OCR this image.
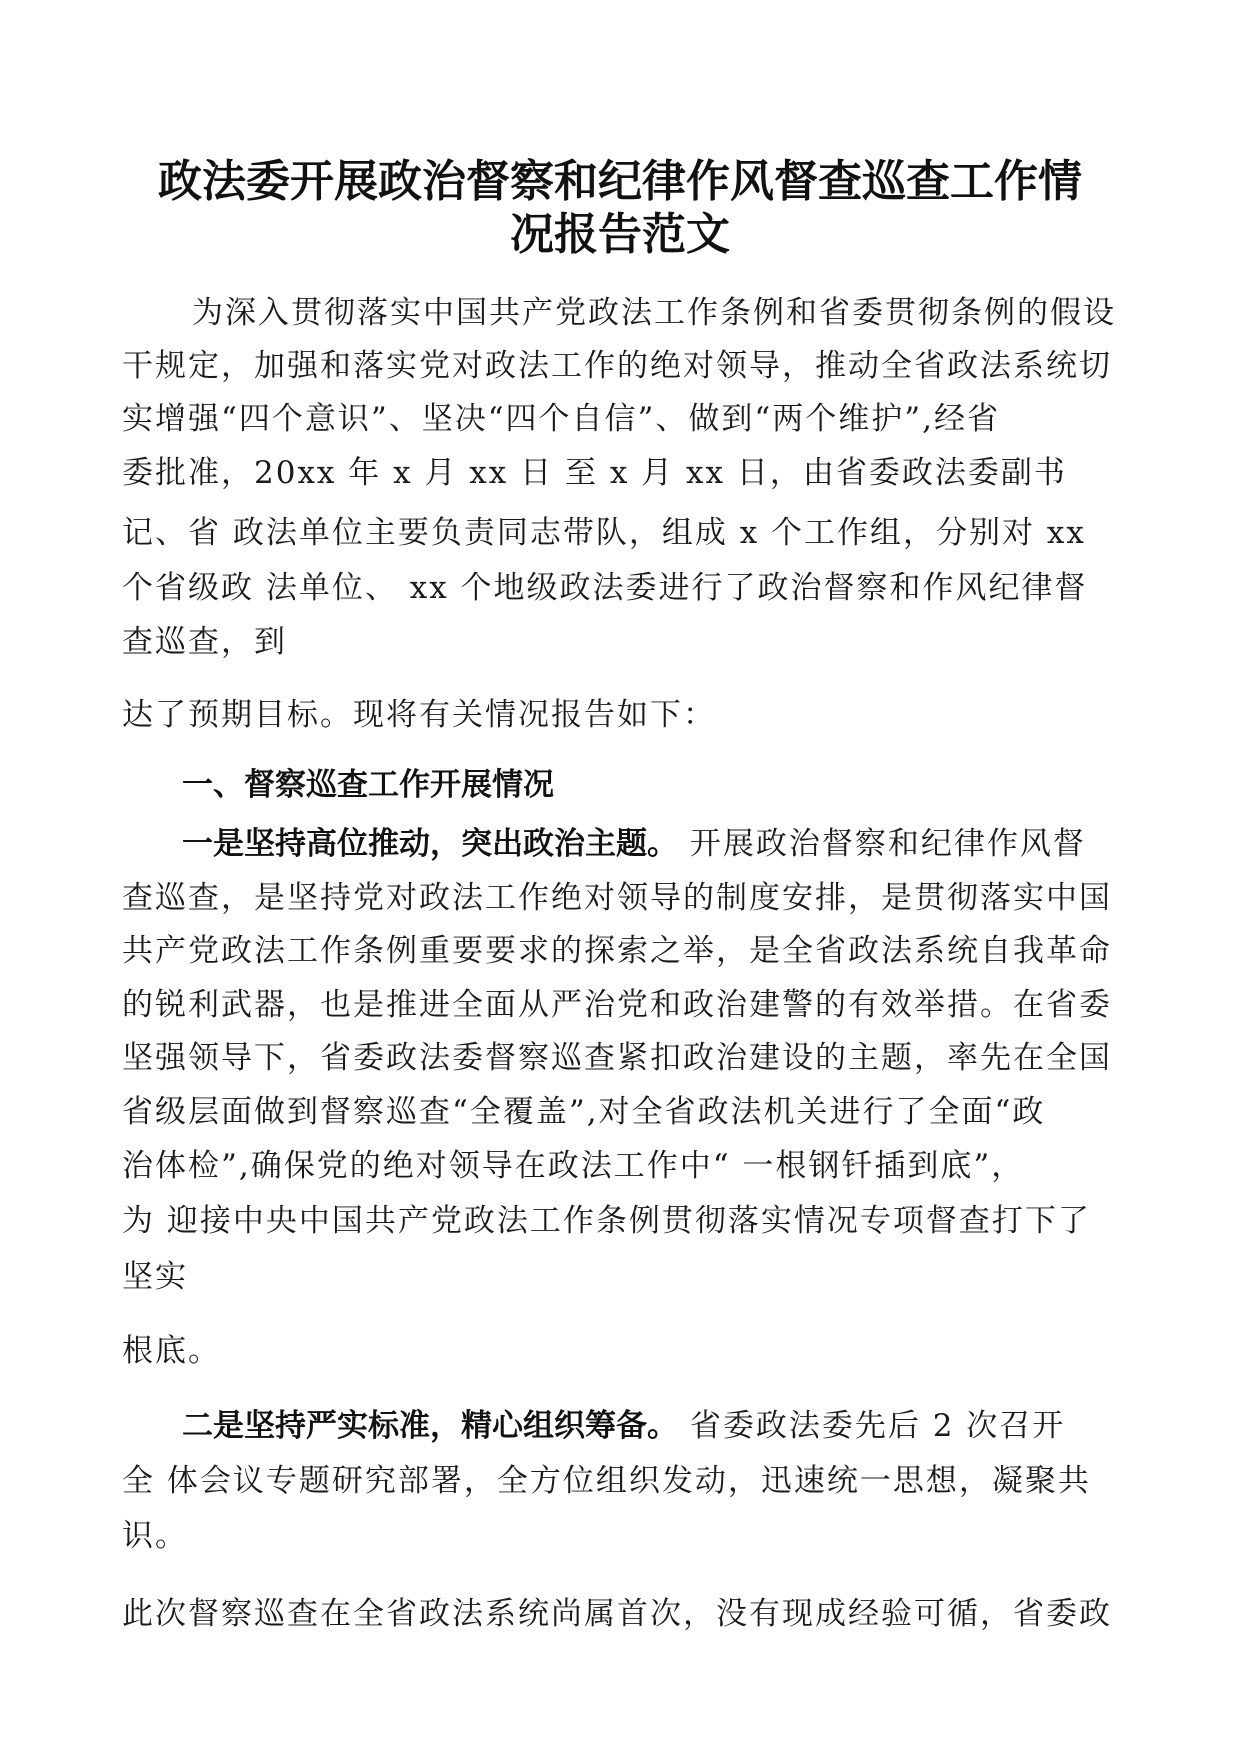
政法委开展政治督察和纪律作风督查巡查工作情
况报告范文

为深入贯彻落实中国共产党政法工作条例和省委贯彻条例的假设

干规定，加强和落实党对政法工作的绝对领导，推动全省政法系统切

实增强“四个意识”、坚决“四个自信”、做到“两个维护”,经省

委批准，20xx 年 x 月 xx 日 至 x 月 xx 日，由省委政法委副书

记、省 政法单位主要负责同志带队，组成 x 个工作组，分别对 xx

个省级政 法单位、 xx 个地级政法委进行了政治督察和作风纪律督

查巡查，到

达了预期目标。现将有关情况报告如下：

一、督察巡查工作开展情况

一是坚持高位推动，突出政治主题。 开展政治督察和纪律作风督

查巡查，是坚持党对政法工作绝对领导的制度安排，是贯彻落实中国

共产党政法工作条例重要要求的探索之举，是全省政法系统自我革命

的锐利武器，也是推进全面从严治党和政治建警的有效举措。在省委

坚强领导下，省委政法委督察巡查紧扣政治建设的主题，率先在全国

省级层面做到督察巡查“全覆盖”,对全省政法机关进行了全面“政

治体检”,确保党的绝对领导在政法工作中“ 一根钢钎插到底”，

为 迎接中央中国共产党政法工作条例贯彻落实情况专项督查打下了

坚实

根底。

二是坚持严实标准，精心组织筹备。 省委政法委先后 2 次召开

全 体会议专题研究部署，全方位组织发动，迅速统一思想，凝聚共

识。

此次督察巡查在全省政法系统尚属首次，没有现成经验可循，省委政
